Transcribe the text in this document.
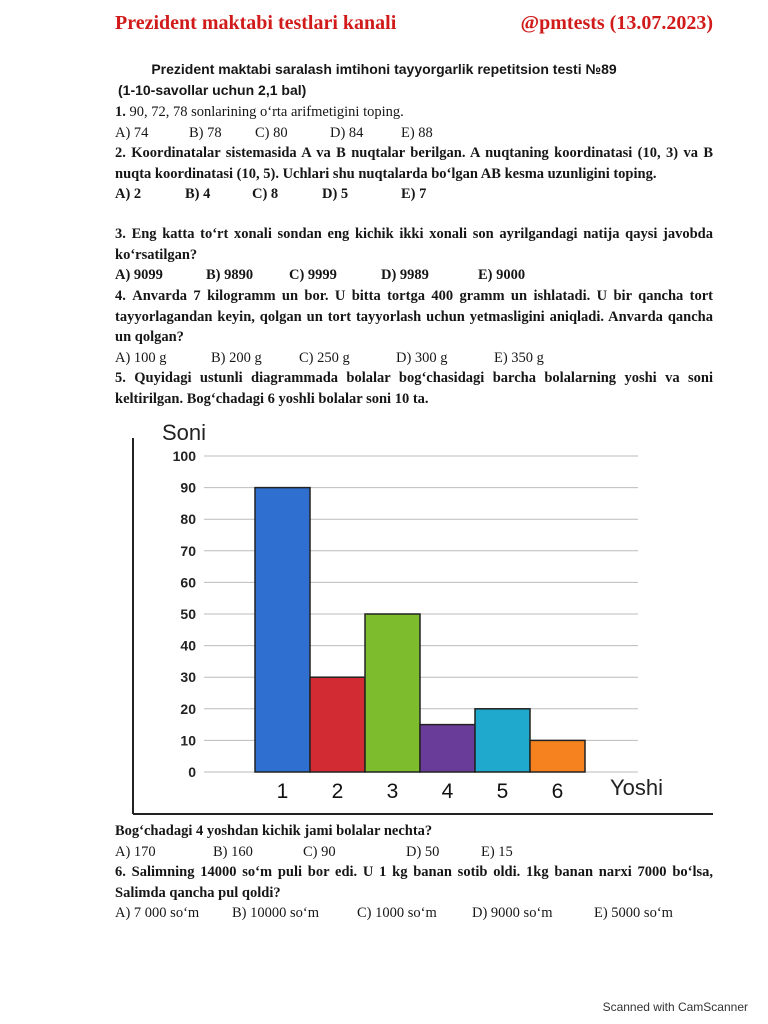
Prezident maktabi testlari kanali	@pmtests (13.07.2023)
Prezident maktabi saralash imtihoni tayyorgarlik repetitsion testi №89
(1-10-savollar uchun 2,1 bal)
1. 90, 72, 78 sonlarining o‘rta arifmetigini toping.
A) 74	B) 78	C) 80	D) 84	E) 88
2. Koordinatalar sistemasida A va B nuqtalar berilgan. A nuqtaning koordinatasi (10, 3) va B nuqta koordinatasi (10, 5). Uchlari shu nuqtalarda bo‘lgan AB kesma uzunligini toping.
A) 2	B) 4	C) 8	D) 5	E) 7
3. Eng katta to‘rt xonali sondan eng kichik ikki xonali son ayrilgandagi natija qaysi javobda ko‘rsatilgan?
A) 9099	B) 9890	C) 9999	D) 9989	E) 9000
4. Anvarda 7 kilogramm un bor. U bitta tortga 400 gramm un ishlatadi. U bir qancha tort tayyorlagandan keyin, qolgan un tort tayyorlash uchun yetmasligini aniqladi. Anvarda qancha un qolgan?
A) 100 g	B) 200 g	C) 250 g	D) 300 g	E) 350 g
5. Quyidagi ustunli diagrammada bolalar bog‘chasidagi barcha bolalarning yoshi va soni keltirilgan. Bog‘chadagi 6 yoshli bolalar soni 10 ta.
0
10
20
30
40
50
60
70
80
90
100
Soni
1 2 3 4 5 6 Yoshi
Bog‘chadagi 4 yoshdan kichik jami bolalar nechta?
A) 170	B) 160	C) 90	D) 50	E) 15
6. Salimning 14000 so‘m puli bor edi. U 1 kg banan sotib oldi. 1kg banan narxi 7000 bo‘lsa, Salimda qancha pul qoldi?
A) 7 000 so‘m	B) 10000 so‘m	C) 1000 so‘m	D) 9000 so‘m	E) 5000 so‘m
Scanned with CamScanner
